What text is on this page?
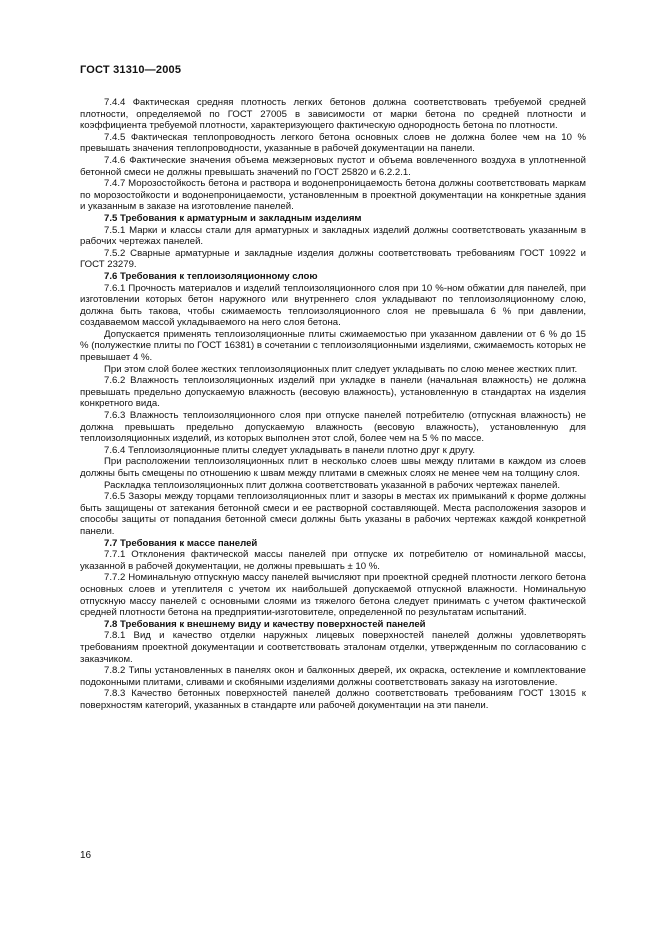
ГОСТ 31310—2005

7.4.4 Фактическая средняя плотность легких бетонов должна соответствовать требуемой средней плотности, определяемой по ГОСТ 27005 в зависимости от марки бетона по средней плотности и коэффициента требуемой плотности, характеризующего фактическую однородность бетона по плотности.

7.4.5 Фактическая теплопроводность легкого бетона основных слоев не должна более чем на 10 % превышать значения теплопроводности, указанные в рабочей документации на панели.

7.4.6 Фактические значения объема межзерновых пустот и объема вовлеченного воздуха в уплотненной бетонной смеси не должны превышать значений по ГОСТ 25820 и 6.2.2.1.

7.4.7 Морозостойкость бетона и раствора и водонепроницаемость бетона должны соответствовать маркам по морозостойкости и водонепроницаемости, установленным в проектной документации на конкретные здания и указанным в заказе на изготовление панелей.

7.5 Требования к арматурным и закладным изделиям

7.5.1 Марки и классы стали для арматурных и закладных изделий должны соответствовать указанным в рабочих чертежах панелей.

7.5.2 Сварные арматурные и закладные изделия должны соответствовать требованиям ГОСТ 10922 и ГОСТ 23279.

7.6 Требования к теплоизоляционному слою

7.6.1 Прочность материалов и изделий теплоизоляционного слоя при 10 %-ном обжатии для панелей, при изготовлении которых бетон наружного или внутреннего слоя укладывают по теплоизоляционному слою, должна быть такова, чтобы сжимаемость теплоизоляционного слоя не превышала 6 % при давлении, создаваемом массой укладываемого на него слоя бетона.

Допускается применять теплоизоляционные плиты сжимаемостью при указанном давлении от 6 % до 15 % (полужесткие плиты по ГОСТ 16381) в сочетании с теплоизоляционными изделиями, сжимаемость которых не превышает 4 %.

При этом слой более жестких теплоизоляционных плит следует укладывать по слою менее жестких плит.

7.6.2 Влажность теплоизоляционных изделий при укладке в панели (начальная влажность) не должна превышать предельно допускаемую влажность (весовую влажность), установленную в стандартах на изделия конкретного вида.

7.6.3 Влажность теплоизоляционного слоя при отпуске панелей потребителю (отпускная влажность) не должна превышать предельно допускаемую влажность (весовую влажность), установленную для теплоизоляционных изделий, из которых выполнен этот слой, более чем на 5 % по массе.

7.6.4 Теплоизоляционные плиты следует укладывать в панели плотно друг к другу.

При расположении теплоизоляционных плит в несколько слоев швы между плитами в каждом из слоев должны быть смещены по отношению к швам между плитами в смежных слоях не менее чем на толщину слоя.

Раскладка теплоизоляционных плит должна соответствовать указанной в рабочих чертежах панелей.

7.6.5 Зазоры между торцами теплоизоляционных плит и зазоры в местах их примыканий к форме должны быть защищены от затекания бетонной смеси и ее растворной составляющей. Места расположения зазоров и способы защиты от попадания бетонной смеси должны быть указаны в рабочих чертежах каждой конкретной панели.

7.7 Требования к массе панелей

7.7.1 Отклонения фактической массы панелей при отпуске их потребителю от номинальной массы, указанной в рабочей документации, не должны превышать ± 10 %.

7.7.2 Номинальную отпускную массу панелей вычисляют при проектной средней плотности легкого бетона основных слоев и утеплителя с учетом их наибольшей допускаемой отпускной влажности. Номинальную отпускную массу панелей с основными слоями из тяжелого бетона следует принимать с учетом фактической средней плотности бетона на предприятии-изготовителе, определенной по результатам испытаний.

7.8 Требования к внешнему виду и качеству поверхностей панелей

7.8.1 Вид и качество отделки наружных лицевых поверхностей панелей должны удовлетворять требованиям проектной документации и соответствовать эталонам отделки, утвержденным по согласованию с заказчиком.

7.8.2 Типы установленных в панелях окон и балконных дверей, их окраска, остекление и комплектование подоконными плитами, сливами и скобяными изделиями должны соответствовать заказу на изготовление.

7.8.3 Качество бетонных поверхностей панелей должно соответствовать требованиям ГОСТ 13015 к поверхностям категорий, указанных в стандарте или рабочей документации на эти панели.

16
